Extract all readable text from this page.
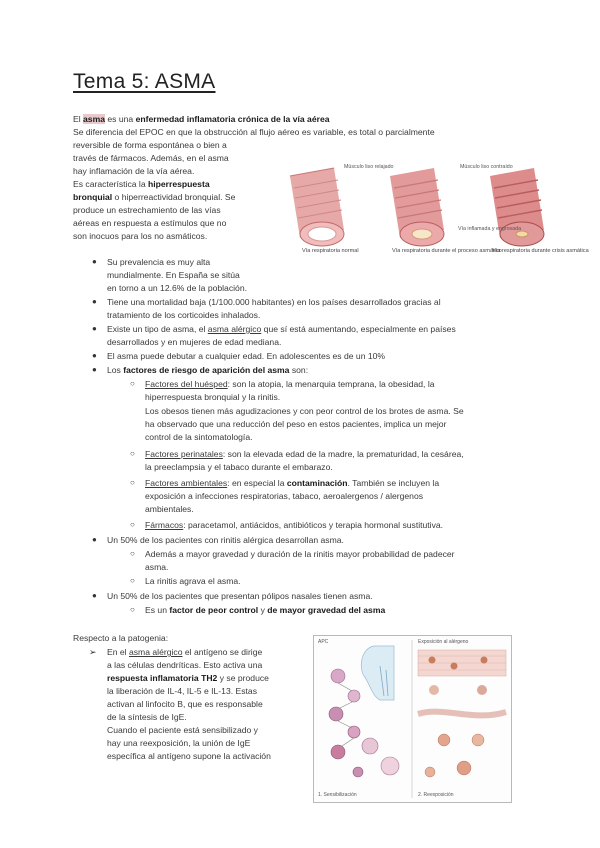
Tema 5: ASMA
El asma es una enfermedad inflamatoria crónica de la vía aérea
Se diferencia del EPOC en que la obstrucción al flujo aéreo es variable, es total o parcialmente
reversible de forma espontánea o bien a
través de fármacos. Además, en el asma
hay inflamación de la vía aérea.
Es característica la hiperrespuesta
bronquial o hiperreactividad bronquial. Se
produce un estrechamiento de las vías
aéreas en respuesta a estímulos que no
son inocuos para los no asmáticos.
Músculo liso relajado	Músculo liso contraído
Vía inflamada y engrosada
Vía respiratoria normal	Vía respiratoria durante el proceso asmático
Vía respiratoria durante crisis asmática
● Su prevalencia es muy alta
mundialmente. En España se sitúa
en torno a un 12.6% de la población.
● Tiene una mortalidad baja (1/100.000 habitantes) en los países desarrollados gracias al
tratamiento de los corticoides inhalados.
● Existe un tipo de asma, el asma alérgico que sí está aumentando, especialmente en países
desarrollados y en mujeres de edad mediana.
● El asma puede debutar a cualquier edad. En adolescentes es de un 10%
● Los factores de riesgo de aparición del asma son:
○ Factores del huésped: son la atopia, la menarquia temprana, la obesidad, la
hiperrespuesta bronquial y la rinitis.
Los obesos tienen más agudizaciones y con peor control de los brotes de asma. Se
ha observado que una reducción del peso en estos pacientes, implica un mejor
control de la sintomatología.
○ Factores perinatales: son la elevada edad de la madre, la prematuridad, la cesárea,
la preeclampsia y el tabaco durante el embarazo.
○ Factores ambientales: en especial la contaminación. También se incluyen la
exposición a infecciones respiratorias, tabaco, aeroalergenos / alergenos
ambientales.
○ Fármacos: paracetamol, antiácidos, antibióticos y terapia hormonal sustitutiva.
● Un 50% de los pacientes con rinitis alérgica desarrollan asma.
○ Además a mayor gravedad y duración de la rinitis mayor probabilidad de padecer
asma.
○ La rinitis agrava el asma.
● Un 50% de los pacientes que presentan pólipos nasales tienen asma.
○ Es un factor de peor control y de mayor gravedad del asma
Respecto a la patogenia:
➢ En el asma alérgico el antígeno se dirige
a las células dendríticas. Esto activa una
respuesta inflamatoria TH2 y se produce
la liberación de IL-4, IL-5 e IL-13. Estas
activan al linfocito B, que es responsable
de la síntesis de IgE.
Cuando el paciente está sensibilizado y
hay una reexposición, la unión de IgE
específica al antígeno supone la activación
APC	Exposición al alérgeno
1. Sensibilización	2. Reexposición
